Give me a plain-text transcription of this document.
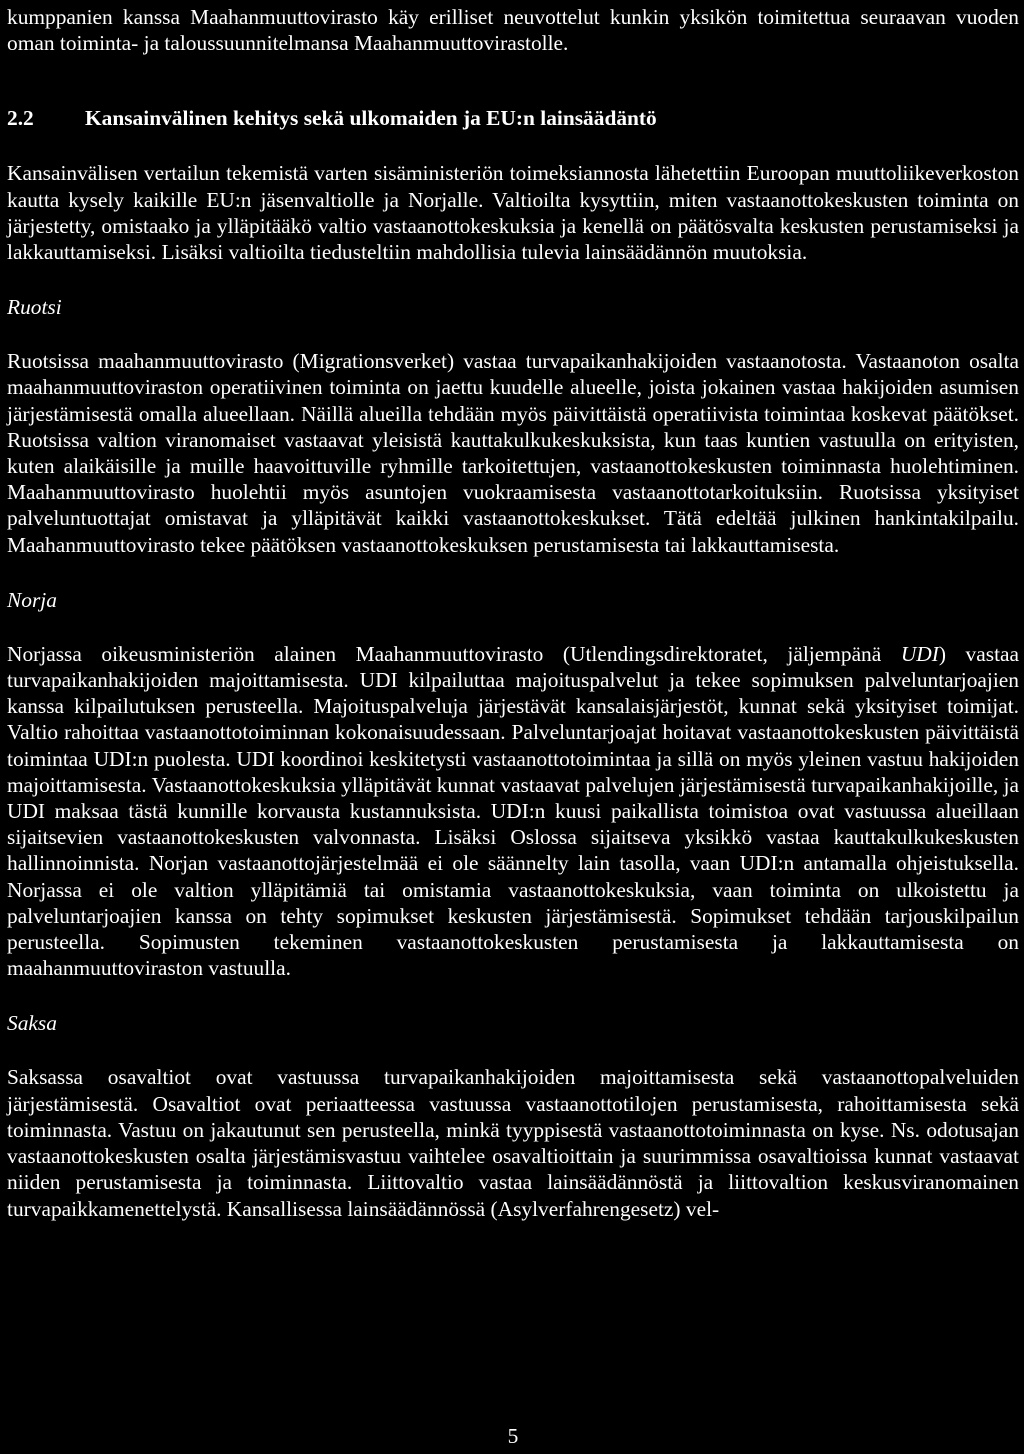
kumppanien kanssa Maahanmuuttovirasto käy erilliset neuvottelut kunkin yksikön toimitettua seuraavan vuoden oman toiminta- ja taloussuunnitelmansa Maahanmuuttovirastolle.

2.2	Kansainvälinen kehitys sekä ulkomaiden ja EU:n lainsäädäntö

Kansainvälisen vertailun tekemistä varten sisäministeriön toimeksiannosta lähetettiin Euroopan muuttoliikeverkoston kautta kysely kaikille EU:n jäsenvaltiolle ja Norjalle. Valtioilta kysyttiin, miten vastaanottokeskusten toiminta on järjestetty, omistaako ja ylläpitääkö valtio vastaanottokeskuksia ja kenellä on päätösvalta keskusten perustamiseksi ja lakkauttamiseksi. Lisäksi valtioilta tiedusteltiin mahdollisia tulevia lainsäädännön muutoksia.

Ruotsi

Ruotsissa maahanmuuttovirasto (Migrationsverket) vastaa turvapaikanhakijoiden vastaanotosta. Vastaanoton osalta maahanmuuttoviraston operatiivinen toiminta on jaettu kuudelle alueelle, joista jokainen vastaa hakijoiden asumisen järjestämisestä omalla alueellaan. Näillä alueilla tehdään myös päivittäistä operatiivista toimintaa koskevat päätökset. Ruotsissa valtion viranomaiset vastaavat yleisistä kauttakulkukeskuksista, kun taas kuntien vastuulla on erityisten, kuten alaikäisille ja muille haavoittuville ryhmille tarkoitettujen, vastaanottokeskusten toiminnasta huolehtiminen. Maahanmuuttovirasto huolehtii myös asuntojen vuokraamisesta vastaanottotarkoituksiin. Ruotsissa yksityiset palveluntuottajat omistavat ja ylläpitävät kaikki vastaanottokeskukset. Tätä edeltää julkinen hankintakilpailu. Maahanmuuttovirasto tekee päätöksen vastaanottokeskuksen perustamisesta tai lakkauttamisesta.

Norja

Norjassa oikeusministeriön alainen Maahanmuuttovirasto (Utlendingsdirektoratet, jäljempänä UDI) vastaa turvapaikanhakijoiden majoittamisesta. UDI kilpailuttaa majoituspalvelut ja tekee sopimuksen palveluntarjoajien kanssa kilpailutuksen perusteella. Majoituspalveluja järjestävät kansalaisjärjestöt, kunnat sekä yksityiset toimijat. Valtio rahoittaa vastaanottotoiminnan kokonaisuudessaan. Palveluntarjoajat hoitavat vastaanottokeskusten päivittäistä toimintaa UDI:n puolesta. UDI koordinoi keskitetysti vastaanottotoimintaa ja sillä on myös yleinen vastuu hakijoiden majoittamisesta. Vastaanottokeskuksia ylläpitävät kunnat vastaavat palvelujen järjestämisestä turvapaikanhakijoille, ja UDI maksaa tästä kunnille korvausta kustannuksista. UDI:n kuusi paikallista toimistoa ovat vastuussa alueillaan sijaitsevien vastaanottokeskusten valvonnasta. Lisäksi Oslossa sijaitseva yksikkö vastaa kauttakulkukeskusten hallinnoinnista. Norjan vastaanottojärjestelmää ei ole säännelty lain tasolla, vaan UDI:n antamalla ohjeistuksella. Norjassa ei ole valtion ylläpitämiä tai omistamia vastaanottokeskuksia, vaan toiminta on ulkoistettu ja palveluntarjoajien kanssa on tehty sopimukset keskusten järjestämisestä. Sopimukset tehdään tarjouskilpailun perusteella. Sopimusten tekeminen vastaanottokeskusten perustamisesta ja lakkauttamisesta on maahanmuuttoviraston vastuulla.

Saksa

Saksassa osavaltiot ovat vastuussa turvapaikanhakijoiden majoittamisesta sekä vastaanottopalveluiden järjestämisestä. Osavaltiot ovat periaatteessa vastuussa vastaanottotilojen perustamisesta, rahoittamisesta sekä toiminnasta. Vastuu on jakautunut sen perusteella, minkä tyyppisestä vastaanottotoiminnasta on kyse. Ns. odotusajan vastaanottokeskusten osalta järjestämisvastuu vaihtelee osavaltioittain ja suurimmissa osavaltioissa kunnat vastaavat niiden perustamisesta ja toiminnasta. Liittovaltio vastaa lainsäädännöstä ja liittovaltion keskusviranomainen turvapaikkamenettelystä. Kansallisessa lainsäädännössä (Asylverfahrengesetz) vel-

5
